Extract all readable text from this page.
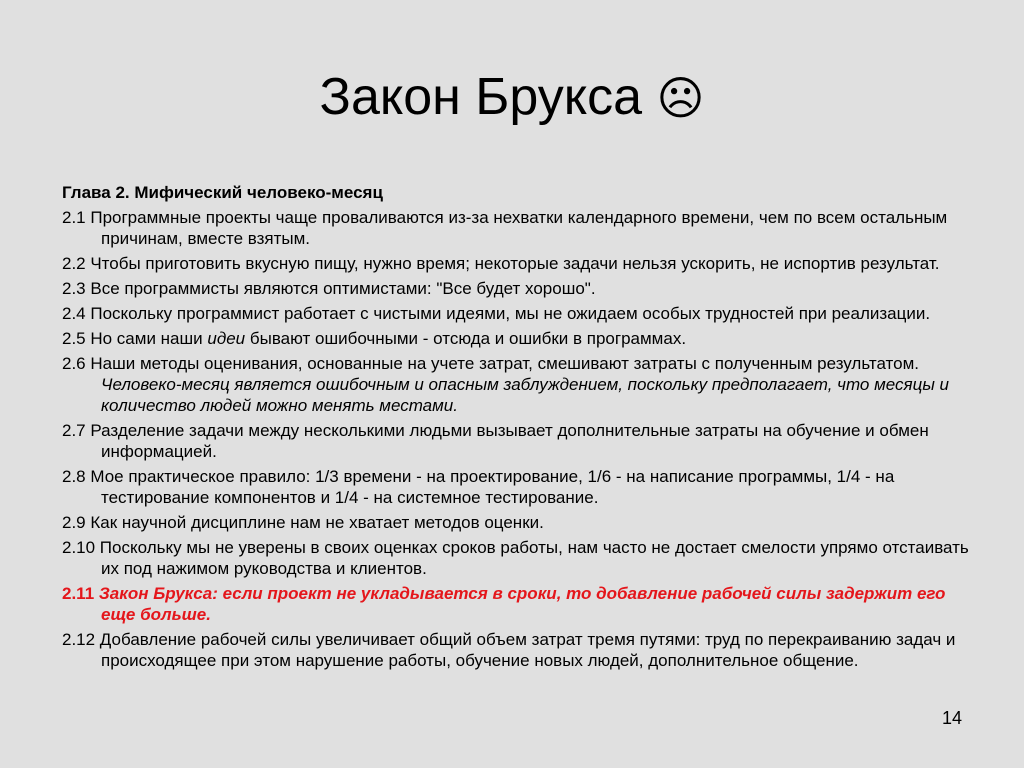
Закон Брукса ☹
Глава 2. Мифический человеко-месяц
2.1 Программные проекты чаще проваливаются из-за нехватки календарного времени, чем по всем остальным причинам, вместе взятым.
2.2 Чтобы приготовить вкусную пищу, нужно время; некоторые задачи нельзя ускорить, не испортив результат.
2.3 Все программисты являются оптимистами: "Все будет хорошо".
2.4 Поскольку программист работает с чистыми идеями, мы не ожидаем особых трудностей при реализации.
2.5 Но сами наши идеи бывают ошибочными - отсюда и ошибки в программах.
2.6 Наши методы оценивания, основанные на учете затрат, смешивают затраты с полученным результатом. Человеко-месяц является ошибочным и опасным заблуждением, поскольку предполагает, что месяцы и количество людей можно менять местами.
2.7 Разделение задачи между несколькими людьми вызывает дополнительные затраты на обучение и обмен информацией.
2.8 Мое практическое правило: 1/3 времени - на проектирование, 1/6 - на написание программы, 1/4 - на тестирование компонентов и 1/4 - на системное тестирование.
2.9 Как научной дисциплине нам не хватает методов оценки.
2.10 Поскольку мы не уверены в своих оценках сроков работы, нам часто не достает смелости упрямо отстаивать их под нажимом руководства и клиентов.
2.11 Закон Брукса: если проект не укладывается в сроки, то добавление рабочей силы задержит его еще больше.
2.12 Добавление рабочей силы увеличивает общий объем затрат тремя путями: труд по перекраиванию задач и происходящее при этом нарушение работы, обучение новых людей, дополнительное общение.
14
